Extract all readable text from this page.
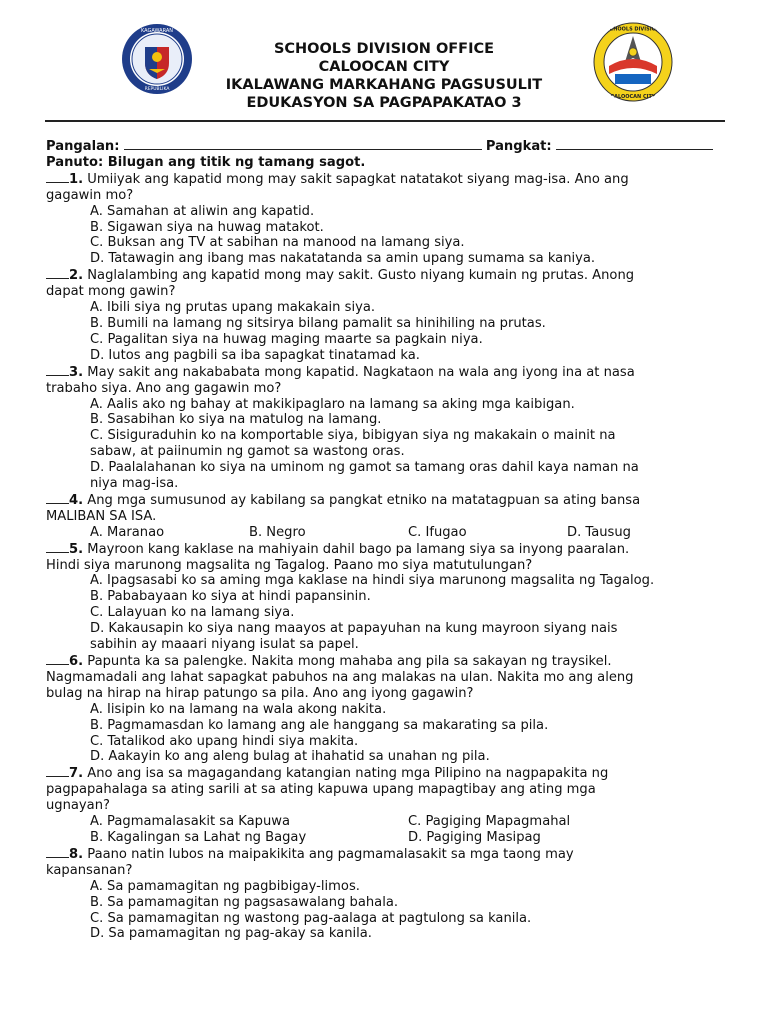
KAGAWARAN
REPUBLIKA
SCHOOLS DIVISION
CALOOCAN CITY
SCHOOLS DIVISION OFFICE
CALOOCAN CITY
IKALAWANG MARKAHANG PAGSUSULIT
EDUKASYON SA PAGPAPAKATAO 3
Pangalan:	Pangkat:
Panuto: Bilugan ang titik ng tamang sagot.
1. Umiiyak ang kapatid mong may sakit sapagkat natatakot siyang mag-isa. Ano ang
gagawin mo?
A. Samahan at aliwin ang kapatid.
B. Sigawan siya na huwag matakot.
C. Buksan ang TV at sabihan na manood na lamang siya.
D. Tatawagin ang ibang mas nakatatanda sa amin upang sumama sa kaniya.
2. Naglalambing ang kapatid mong may sakit. Gusto niyang kumain ng prutas. Anong
dapat mong gawin?
A. Ibili siya ng prutas upang makakain siya.
B. Bumili na lamang ng sitsirya bilang pamalit sa hinihiling na prutas.
C. Pagalitan siya na huwag maging maarte sa pagkain niya.
D. Iutos ang pagbili sa iba sapagkat tinatamad ka.
3. May sakit ang nakababata mong kapatid. Nagkataon na wala ang iyong ina at nasa
trabaho siya. Ano ang gagawin mo?
A. Aalis ako ng bahay at makikipaglaro na lamang sa aking mga kaibigan.
B. Sasabihan ko siya na matulog na lamang.
C. Sisiguraduhin ko na komportable siya, bibigyan siya ng makakain o mainit na
sabaw, at paiinumin ng gamot sa wastong oras.
D. Paalalahanan ko siya na uminom ng gamot sa tamang oras dahil kaya naman na
niya mag-isa.
4. Ang mga sumusunod ay kabilang sa pangkat etniko na matatagpuan sa ating bansa
MALIBAN SA ISA.
A. Maranao	B. Negro	C. Ifugao	D. Tausug
5. Mayroon kang kaklase na mahiyain dahil bago pa lamang siya sa inyong paaralan.
Hindi siya marunong magsalita ng Tagalog. Paano mo siya matutulungan?
A. Ipagsasabi ko sa aming mga kaklase na hindi siya marunong magsalita ng Tagalog.
B. Pababayaan ko siya at hindi papansinin.
C. Lalayuan ko na lamang siya.
D. Kakausapin ko siya nang maayos at papayuhan na kung mayroon siyang nais
sabihin ay maaari niyang isulat sa papel.
6. Papunta ka sa palengke. Nakita mong mahaba ang pila sa sakayan ng traysikel.
Nagmamadali ang lahat sapagkat pabuhos na ang malakas na ulan. Nakita mo ang aleng
bulag na hirap na hirap patungo sa pila. Ano ang iyong gagawin?
A. Iisipin ko na lamang na wala akong nakita.
B. Pagmamasdan ko lamang ang ale hanggang sa makarating sa pila.
C. Tatalikod ako upang hindi siya makita.
D. Aakayin ko ang aleng bulag at ihahatid sa unahan ng pila.
7. Ano ang isa sa magagandang katangian nating mga Pilipino na nagpapakita ng
pagpapahalaga sa ating sarili at sa ating kapuwa upang mapagtibay ang ating mga
ugnayan?
A. Pagmamalasakit sa Kapuwa	C. Pagiging Mapagmahal
B. Kagalingan sa Lahat ng Bagay	D. Pagiging Masipag
8. Paano natin lubos na maipakikita ang pagmamalasakit sa mga taong may
kapansanan?
A. Sa pamamagitan ng pagbibigay-limos.
B. Sa pamamagitan ng pagsasawalang bahala.
C. Sa pamamagitan ng wastong pag-aalaga at pagtulong sa kanila.
D. Sa pamamagitan ng pag-akay sa kanila.
